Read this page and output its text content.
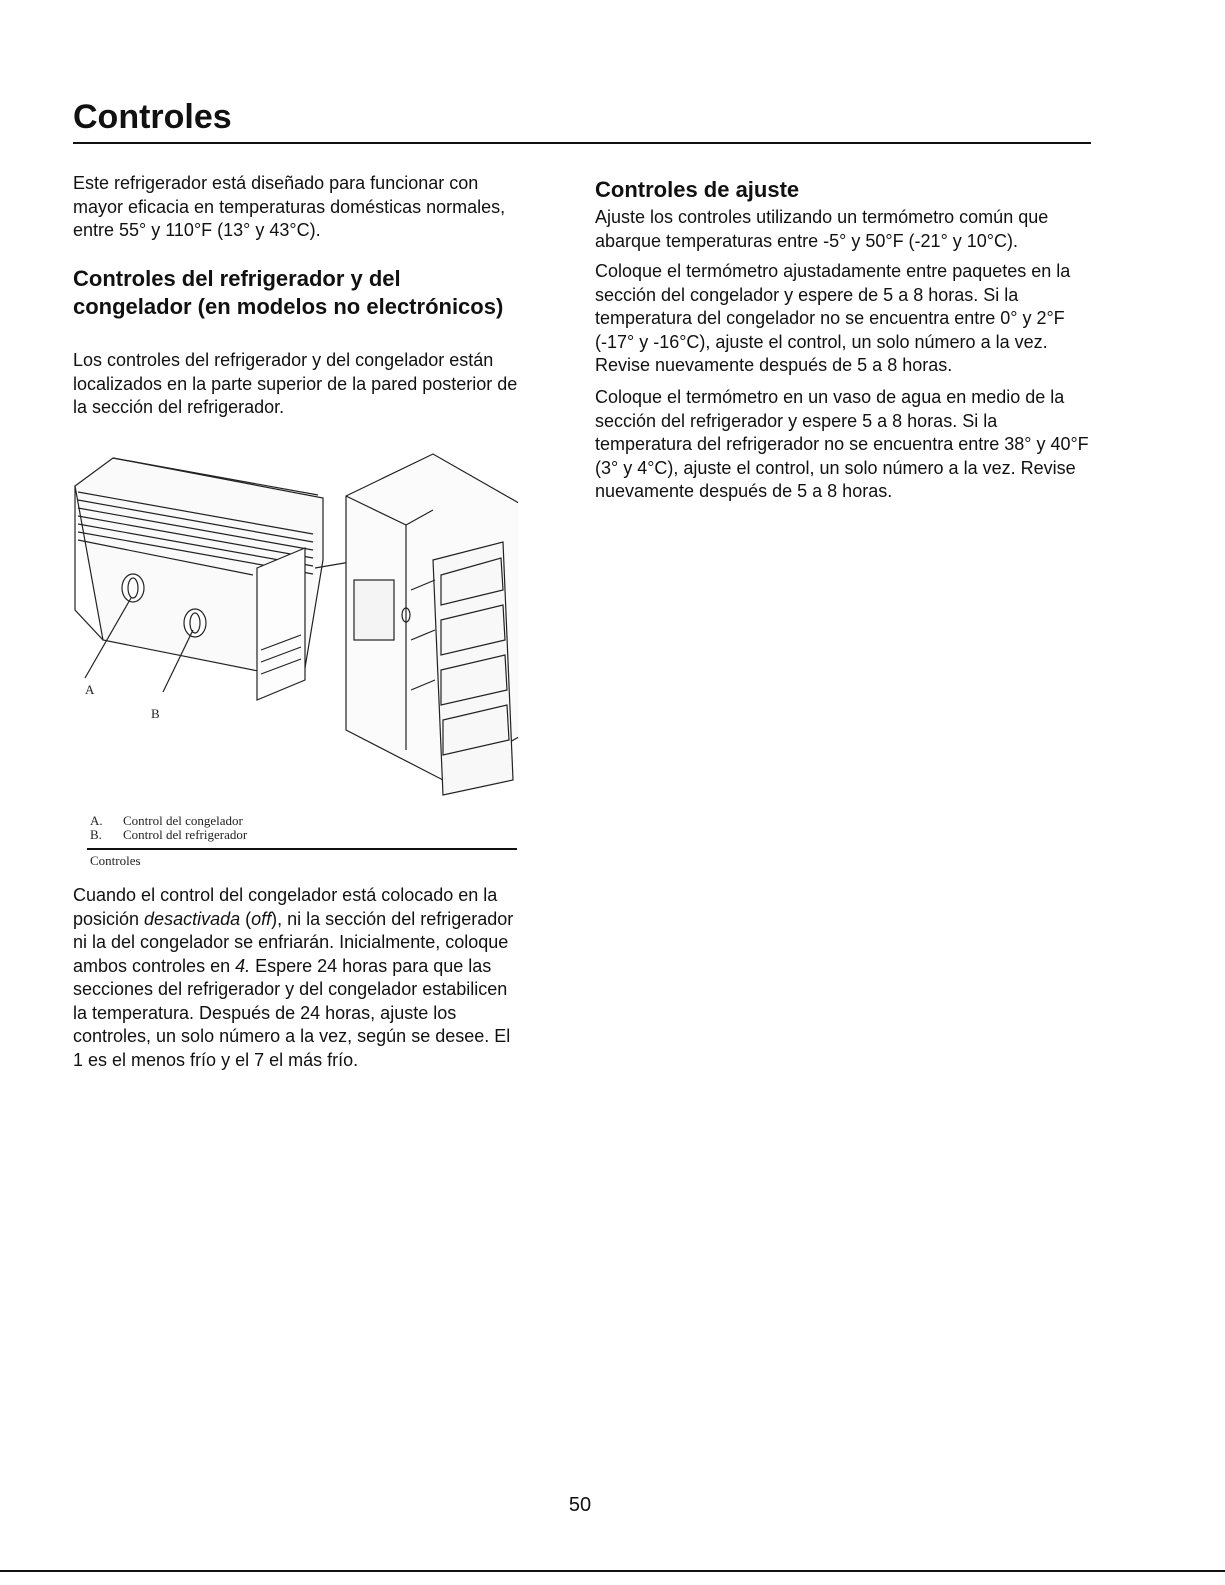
Controles

Este refrigerador está diseñado para funcionar con mayor eficacia en temperaturas domésticas normales, entre 55° y 110°F (13° y 43°C).

Controles del refrigerador y del congelador (en modelos no electrónicos)

Los controles del refrigerador y del congelador están localizados en la parte superior de la pared posterior de la sección del refrigerador.

A
B
A. Control del congelador
B. Control del refrigerador
Controles

Cuando el control del congelador está colocado en la posición desactivada (off), ni la sección del refrigerador ni la del congelador se enfriarán. Inicialmente, coloque ambos controles en 4. Espere 24 horas para que las secciones del refrigerador y del congelador estabilicen la temperatura. Después de 24 horas, ajuste los controles, un solo número a la vez, según se desee. El 1 es el menos frío y el 7 el más frío.

Controles de ajuste

Ajuste los controles utilizando un termómetro común que abarque temperaturas entre -5° y 50°F (-21° y 10°C).

Coloque el termómetro ajustadamente entre paquetes en la sección del congelador y espere de 5 a 8 horas. Si la temperatura del congelador no se encuentra entre 0° y 2°F (-17° y -16°C), ajuste el control, un solo número a la vez. Revise nuevamente después de 5 a 8 horas.

Coloque el termómetro en un vaso de agua en medio de la sección del refrigerador y espere 5 a 8 horas. Si la temperatura del refrigerador no se encuentra entre 38° y 40°F (3° y 4°C), ajuste el control, un solo número a la vez. Revise nuevamente después de 5 a 8 horas.

50
